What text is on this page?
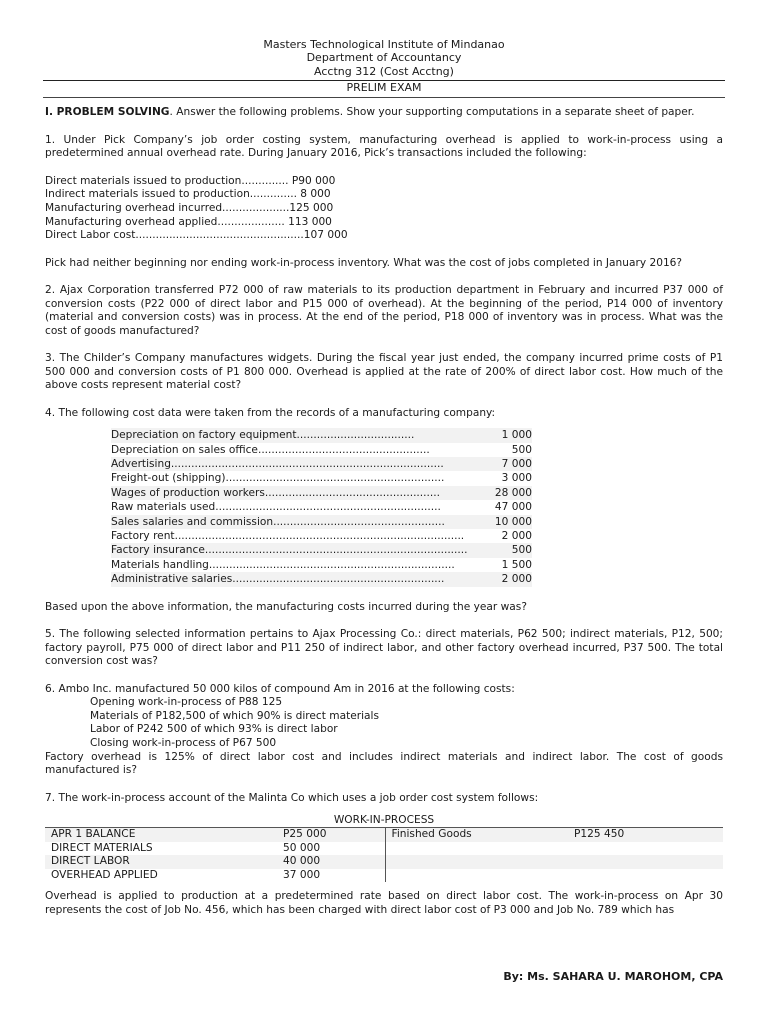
Masters Technological Institute of Mindanao
Department of Accountancy
Acctng 312 (Cost Acctng)
PRELIM EXAM

I. PROBLEM SOLVING. Answer the following problems. Show your supporting computations in a separate sheet of paper.

1. Under Pick Company’s job order costing system, manufacturing overhead is applied to work-in-process using a predetermined annual overhead rate. During January 2016, Pick’s transactions included the following:

Direct materials issued to production.............. P90 000
Indirect materials issued to production.............. 8 000
Manufacturing overhead incurred....................125 000
Manufacturing overhead applied.................... 113 000
Direct Labor cost..................................................107 000

Pick had neither beginning nor ending work-in-process inventory. What was the cost of jobs completed in January 2016?

2. Ajax Corporation transferred P72 000 of raw materials to its production department in February and incurred P37 000 of conversion costs (P22 000 of direct labor and P15 000 of overhead). At the beginning of the period, P14 000 of inventory (material and conversion costs) was in process. At the end of the period, P18 000 of inventory was in process. What was the cost of goods manufactured?

3. The Childer’s Company manufactures widgets. During the fiscal year just ended, the company incurred prime costs of P1 500 000 and conversion costs of P1 800 000. Overhead is applied at the rate of 200% of direct labor cost. How much of the above costs represent material cost?

4. The following cost data were taken from the records of a manufacturing company:

Depreciation on factory equipment...................................	1 000
Depreciation on sales office...................................................	500
Advertising.................................................................................	7 000
Freight-out (shipping).................................................................	3 000
Wages of production workers....................................................	28 000
Raw materials used...................................................................	47 000
Sales salaries and commission...................................................	10 000
Factory rent......................................................................................	2 000
Factory insurance..............................................................................	500
Materials handling.........................................................................	1 500
Administrative salaries...............................................................	2 000

Based upon the above information, the manufacturing costs incurred during the year was?

5. The following selected information pertains to Ajax Processing Co.: direct materials, P62 500; indirect materials, P12, 500; factory payroll, P75 000 of direct labor and P11 250 of indirect labor, and other factory overhead incurred, P37 500. The total conversion cost was?

6. Ambo Inc. manufactured 50 000 kilos of compound Am in 2016 at the following costs:

Opening work-in-process of P88 125
Materials of P182,500 of which 90% is direct materials
Labor of P242 500 of which 93% is direct labor
Closing work-in-process of P67 500

Factory overhead is 125% of direct labor cost and includes indirect materials and indirect labor. The cost of goods manufactured is?

7. The work-in-process account of the Malinta Co which uses a job order cost system follows:

WORK-IN-PROCESS
APR 1 BALANCE	P25 000	Finished Goods	P125 450
DIRECT MATERIALS	50 000		
DIRECT LABOR	40 000		
OVERHEAD APPLIED	37 000		

Overhead is applied to production at a predetermined rate based on direct labor cost. The work-in-process on Apr 30 represents the cost of Job No. 456, which has been charged with direct labor cost of P3 000 and Job No. 789 which has

By: Ms. SAHARA U. MAROHOM, CPA
